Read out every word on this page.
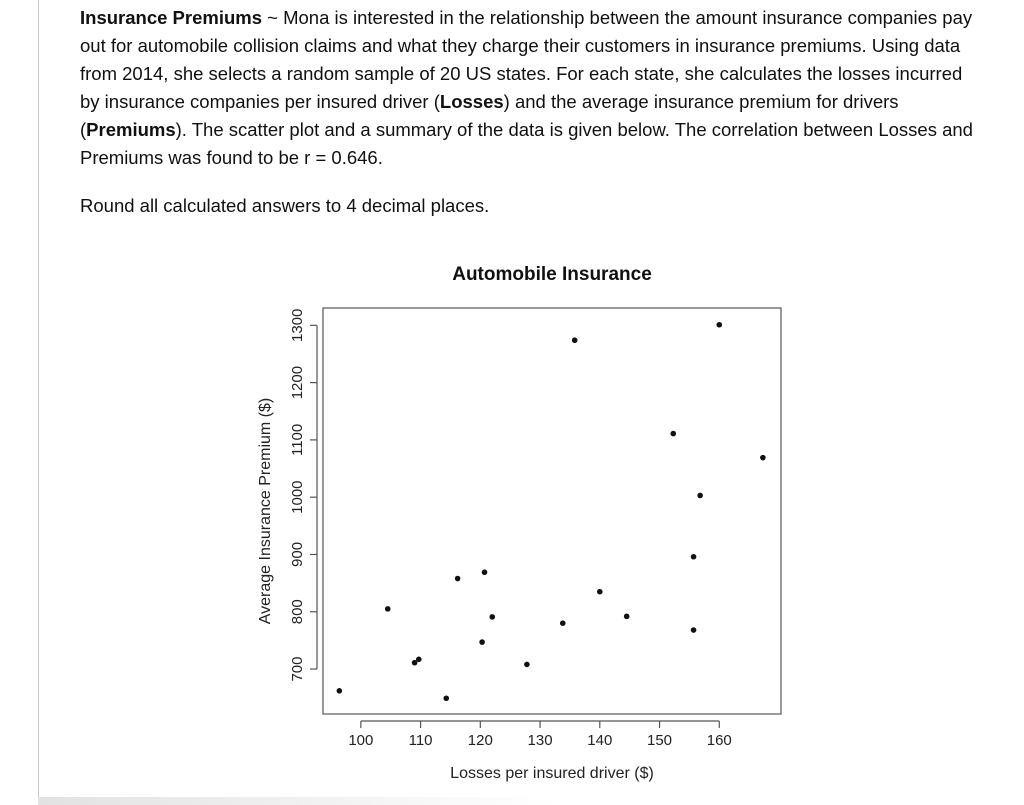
Insurance Premiums ~ Mona is interested in the relationship between the amount insurance companies pay out for automobile collision claims and what they charge their customers in insurance premiums. Using data from 2014, she selects a random sample of 20 US states. For each state, she calculates the losses incurred by insurance companies per insured driver (Losses) and the average insurance premium for drivers (Premiums). The scatter plot and a summary of the data is given below. The correlation between Losses and Premiums was found to be r = 0.646.

Round all calculated answers to 4 decimal places.
Automobile Insurance
100 110 120 130 140 150 160
700
800
900
1000
1100
1200
1300
Losses per insured driver ($)
Average Insurance Premium ($)
